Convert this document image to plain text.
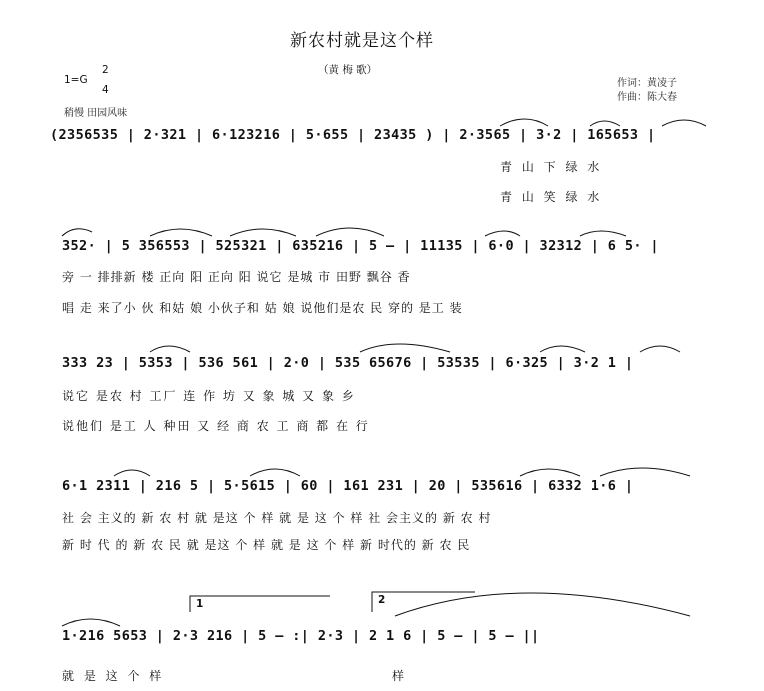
新农村就是这个样
（黄 梅 歌）
1=G
2
4
稍慢 田园风味
作词：黄凌子
作曲：陈大春
(2356535 | 2·321 | 6·123216 | 5·655 | 23435 ) | 2·3565 | 3·2 | 165653 |
青 山 下 绿 水
青 山 笑 绿 水
352· | 5 356553 | 525321 | 635216 | 5 – | 11135 | 6·0 | 32312 | 6 5· |
旁 一 排排新 楼 正向 阳 正向 阳 说它 是城 市 田野 飘谷 香
唱 走 来了小 伙 和姑 娘 小伙子和 姑 娘 说他们是农 民 穿的 是工 装
333 23 | 5353 | 536 561 | 2·0 | 535 65676 | 53535 | 6·325 | 3·2 1 |
说它 是农 村 工厂 连 作 坊 又 象 城 又 象 乡
说他们 是工 人 种田 又 经 商 农 工 商 都 在 行
6·1 2311 | 216 5 | 5·5615 | 60 | 161 231 | 20 | 535616 | 6332 1·6 |
社 会 主义的 新 农 村 就 是这 个 样 就 是 这 个 样 社 会主义的 新 农 村
新 时 代 的 新 农 民 就 是这 个 样 就 是 这 个 样 新 时代的 新 农 民
1	2
1·216 5653 | 2·3 216 | 5 – :| 2·3 | 2 1 6 | 5 – | 5 – ||
就 是 这 个 样	样
